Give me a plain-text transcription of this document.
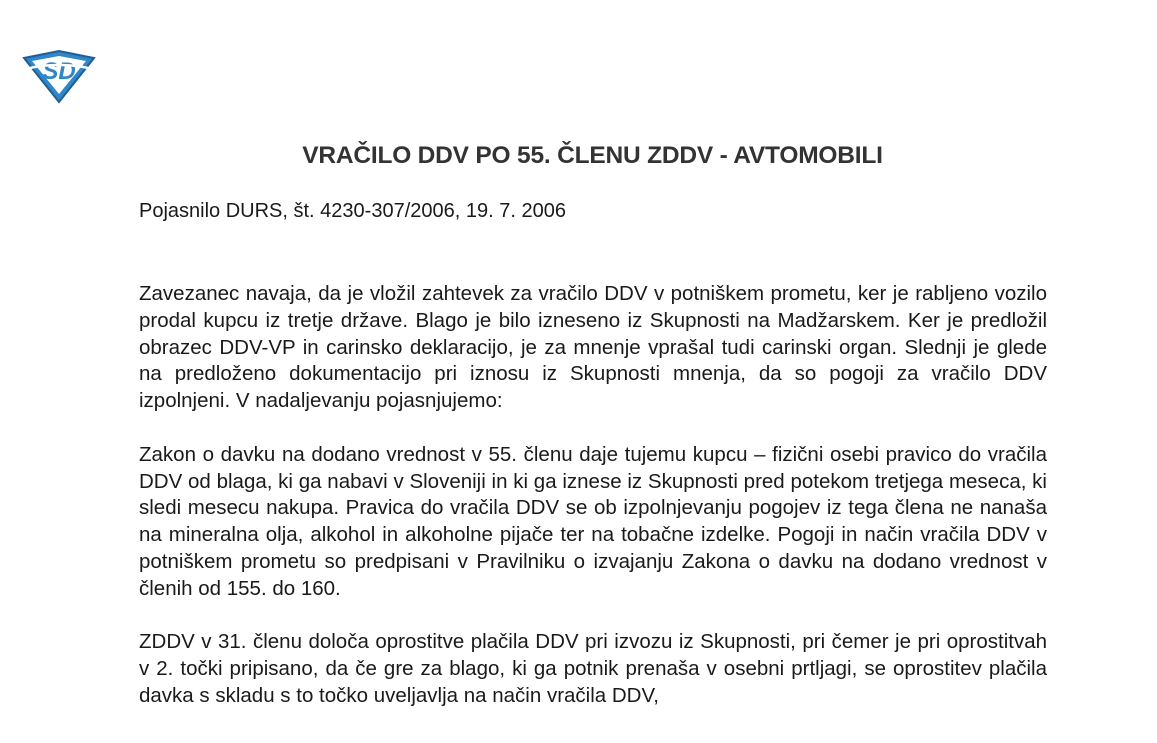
SD
VRAČILO DDV PO 55. ČLENU ZDDV - AVTOMOBILI
Pojasnilo DURS, št. 4230-307/2006, 19. 7. 2006

Zavezanec navaja, da je vložil zahtevek za vračilo DDV v potniškem prometu, ker je rabljeno vozilo prodal kupcu iz tretje države. Blago je bilo izneseno iz Skupnosti na Madžarskem. Ker je predložil obrazec DDV-VP in carinsko deklaracijo, je za mnenje vprašal tudi carinski organ. Slednji je glede na predloženo dokumentacijo pri iznosu iz Skupnosti mnenja, da so pogoji za vračilo DDV izpolnjeni. V nadaljevanju pojasnjujemo:

Zakon o davku na dodano vrednost v 55. členu daje tujemu kupcu – fizični osebi pravico do vračila DDV od blaga, ki ga nabavi v Sloveniji in ki ga iznese iz Skupnosti pred potekom tretjega meseca, ki sledi mesecu nakupa. Pravica do vračila DDV se ob izpolnjevanju pogojev iz tega člena ne nanaša na mineralna olja, alkohol in alkoholne pijače ter na tobačne izdelke. Pogoji in način vračila DDV v potniškem prometu so predpisani v Pravilniku o izvajanju Zakona o davku na dodano vrednost v členih od 155. do 160.

ZDDV v 31. členu določa oprostitve plačila DDV pri izvozu iz Skupnosti, pri čemer je pri oprostitvah v 2. točki pripisano, da če gre za blago, ki ga potnik prenaša v osebni prtljagi, se oprostitev plačila davka s skladu s to točko uveljavlja na način vračila DDV,
